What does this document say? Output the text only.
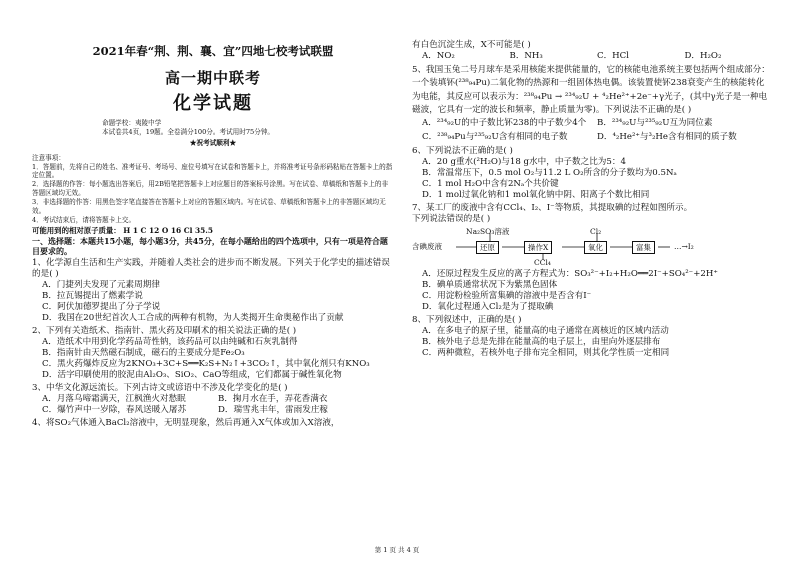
2021年春“荆、荆、襄、宜”四地七校考试联盟
高一期中联考
化学试题
命题学校：夷陵中学
本试卷共4页，19题。全卷满分100分。考试用时75分钟。
★祝考试顺利★
注意事项：
1．答题前，先将自己的姓名、准考证号、考场号、座位号填写在试卷和答题卡上，并将准考证号条形码粘贴在答题卡上的指定位置。
2．选择题的作答：每小题选出答案后，用2B铅笔把答题卡上对应题目的答案标号涂黑。写在试卷、草稿纸和答题卡上的非答题区域均无效。
3．非选择题的作答：用黑色签字笔直接答在答题卡上对应的答题区域内。写在试卷、草稿纸和答题卡上的非答题区域均无效。
4．考试结束后，请将答题卡上交。
可能用到的相对原子质量： H 1 C 12 O 16 Cl 35.5
一、选择题：本题共15小题，每小题3分，共45分，在每小题给出的四个选项中，只有一项是符合题目要求的。
1、化学源自生活和生产实践，并随着人类社会的进步而不断发展。下列关于化学史的描述错误的是( )
A．门捷列夫发现了元素周期律
B．拉瓦锡提出了燃素学说
C．阿伏加德罗提出了分子学说
D．我国在20世纪首次人工合成的两种有机物，为人类揭开生命奥秘作出了贡献
2、下列有关造纸术、指南针、黑火药及印刷术的相关说法正确的是( )
A．造纸术中用到化学药品苛性钠，该药品可以由纯碱和石灰乳制得
B．指南针由天然磁石制成，磁石的主要成分是Fe₂O₃
C．黑火药爆炸反应为2KNO₃+3C+S══K₂S+N₂↑+3CO₂↑，其中氧化剂只有KNO₃
D．活字印刷使用的胶泥由Al₂O₃、SiO₂、CaO等组成，它们都属于碱性氧化物
3、中华文化源远流长。下列古诗文或谚语中不涉及化学变化的是( )
A．月落乌啼霜满天，江枫渔火对愁眠	B．掬月水在手，弄花香满衣
C．爆竹声中一岁除，春风送暖入屠苏	D．瑞雪兆丰年，雷雨发庄稼
4、将SO₂气体通入BaCl₂溶液中，无明显现象，然后再通入X气体或加入X溶液，
有白色沉淀生成，X不可能是( )
A．NO₂	B．NH₃	C．HCl	D．H₂O₂
5、我国玉兔二号月球车是采用核能来提供能量的，它的核能电池系统主要包括两个组成部分：一个装填钚(²³⁸₉₄Pu)二氧化物的热源和一组固体热电偶。该装置使钚238衰变产生的核能转化为电能，其反应可以表示为：²³⁸₉₄Pu → ²³⁴₉₂U + ⁴₂He²⁺+2e⁻+γ光子，(其中γ光子是一种电磁波，它具有一定的波长和频率，静止质量为零)。下列说法不正确的是( )
A．²³⁴₉₂U的中子数比钚238的中子数少4个	B．²³⁴₉₂U与²³⁵₉₂U互为同位素
C．²³⁸₉₄Pu与²³⁵₉₂U含有相同的电子数	D．⁴₂He²⁺与³₂He含有相同的质子数
6、下列说法不正确的是( )
A．20 g重水(²H₂O)与18 g水中，中子数之比为5：4
B．常温常压下，0.5 mol O₂与11.2 L O₂所含的分子数均为0.5Nₐ
C．1 mol H₂O中含有2Nₐ个共价键
D．1 mol过氧化钠和1 mol氧化钠中阴、阳离子个数比相同
7、某工厂的废液中含有CCl₄、I₂、I⁻等物质，其提取碘的过程如图所示。
下列说法错误的是( )
含碘废液
Na₂SO₃溶液
还原	操作X
Cl₂
氧化	富集	…→I₂
CCl₄
A．还原过程发生反应的离子方程式为：SO₃²⁻+I₂+H₂O══2I⁻+SO₄²⁻+2H⁺
B．碘单质通常状况下为紫黑色固体
C．用淀粉检验所富集碘的溶液中是否含有I⁻
D．氧化过程通入Cl₂是为了提取碘
8、下列叙述中，正确的是( )
A．在多电子的原子里，能量高的电子通常在离核近的区域内活动
B．核外电子总是先排在能量高的电子层上，由里向外逐层排布
C．两种微粒，若核外电子排布完全相同，则其化学性质一定相同
第 1 页 共 4 页
